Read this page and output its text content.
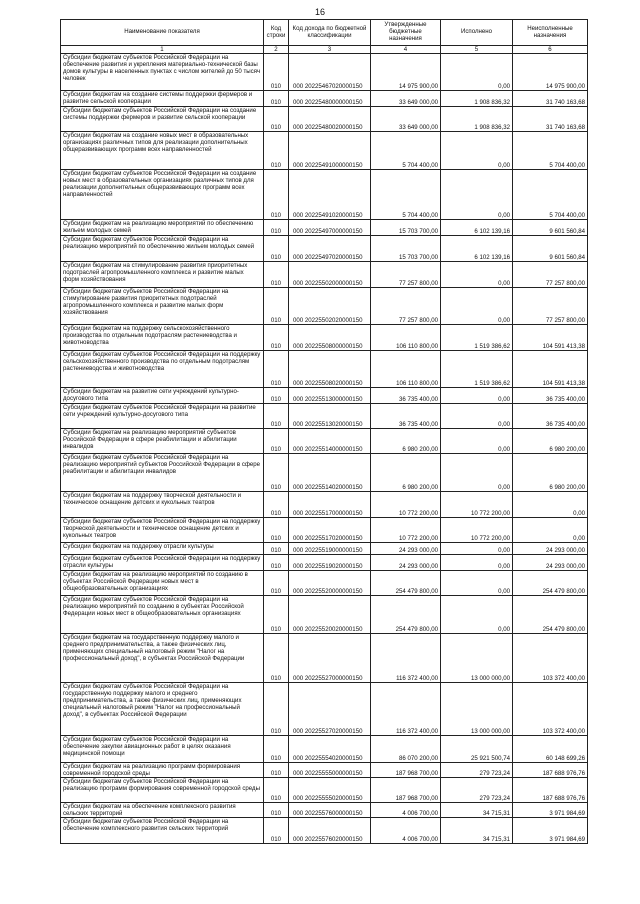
16
Наименование показателя	Код строки	Код дохода по бюджетной классификации	Утвержденные бюджетные назначения	Исполнено	Неисполненные назначения
1	2	3	4	5	6
Субсидии бюджетам субъектов Российской Федерации на обеспечение развития и укрепления материально-технической базы домов культуры в населенных пунктах с числом жителей до 50 тысяч человек	010	000 20225467020000150	14 975 900,00	0,00	14 975 900,00
Субсидии бюджетам на создание системы поддержки фермеров и развитие сельской кооперации	010	000 20225480000000150	33 649 000,00	1 908 836,32	31 740 163,68
Субсидии бюджетам субъектов Российской Федерации на создание системы поддержки фермеров и развитие сельской кооперации	010	000 20225480020000150	33 649 000,00	1 908 836,32	31 740 163,68
Субсидии бюджетам на создание новых мест в образовательных организациях различных типов для реализации дополнительных общеразвивающих программ всех направленностей	010	000 20225491000000150	5 704 400,00	0,00	5 704 400,00
Субсидии бюджетам субъектов Российской Федерации на создание новых мест в образовательных организациях различных типов для реализации дополнительных общеразвивающих программ всех направленностей	010	000 20225491020000150	5 704 400,00	0,00	5 704 400,00
Субсидии бюджетам на реализацию мероприятий по обеспечению жильем молодых семей	010	000 20225497000000150	15 703 700,00	6 102 139,16	9 601 560,84
Субсидии бюджетам субъектов Российской Федерации на реализацию мероприятий по обеспечению жильем молодых семей	010	000 20225497020000150	15 703 700,00	6 102 139,16	9 601 560,84
Субсидии бюджетам на стимулирование развития приоритетных подотраслей агропромышленного комплекса и развитие малых форм хозяйствования	010	000 20225502000000150	77 257 800,00	0,00	77 257 800,00
Субсидии бюджетам субъектов Российской Федерации на стимулирование развития приоритетных подотраслей агропромышленного комплекса и развитие малых форм хозяйствования	010	000 20225502020000150	77 257 800,00	0,00	77 257 800,00
Субсидии бюджетам на поддержку сельскохозяйственного производства по отдельным подотраслям растениеводства и животноводства	010	000 20225508000000150	106 110 800,00	1 519 386,62	104 591 413,38
Субсидии бюджетам субъектов Российской Федерации на поддержку сельскохозяйственного производства по отдельным подотраслям растениеводства и животноводства	010	000 20225508020000150	106 110 800,00	1 519 386,62	104 591 413,38
Субсидии бюджетам на развитие сети учреждений культурно-досугового типа	010	000 20225513000000150	36 735 400,00	0,00	36 735 400,00
Субсидии бюджетам субъектов Российской Федерации на развитие сети учреждений культурно-досугового типа	010	000 20225513020000150	36 735 400,00	0,00	36 735 400,00
Субсидии бюджетам на реализацию мероприятий субъектов Российской Федерации в сфере реабилитации и абилитации инвалидов	010	000 20225514000000150	6 980 200,00	0,00	6 980 200,00
Субсидии бюджетам субъектов Российской Федерации на реализацию мероприятий субъектов Российской Федерации в сфере реабилитации и абилитации инвалидов	010	000 20225514020000150	6 980 200,00	0,00	6 980 200,00
Субсидии бюджетам на поддержку творческой деятельности и техническое оснащение детских и кукольных театров	010	000 20225517000000150	10 772 200,00	10 772 200,00	0,00
Субсидии бюджетам субъектов Российской Федерации на поддержку творческой деятельности и техническое оснащение детских и кукольных театров	010	000 20225517020000150	10 772 200,00	10 772 200,00	0,00
Субсидии бюджетам на поддержку отрасли культуры	010	000 20225519000000150	24 293 000,00	0,00	24 293 000,00
Субсидии бюджетам субъектов Российской Федерации на поддержку отрасли культуры	010	000 20225519020000150	24 293 000,00	0,00	24 293 000,00
Субсидии бюджетам на реализацию мероприятий по созданию в субъектах Российской Федерации новых мест в общеобразовательных организациях	010	000 20225520000000150	254 479 800,00	0,00	254 479 800,00
Субсидии бюджетам субъектов Российской Федерации на реализацию мероприятий по созданию в субъектах Российской Федерации новых мест в общеобразовательных организациях	010	000 20225520020000150	254 479 800,00	0,00	254 479 800,00
Субсидии бюджетам на государственную поддержку малого и среднего предпринимательства, а также физических лиц, применяющих специальный налоговый режим "Налог на профессиональный доход", в субъектах Российской Федерации	010	000 20225527000000150	116 372 400,00	13 000 000,00	103 372 400,00
Субсидии бюджетам субъектов Российской Федерации на государственную поддержку малого и среднего предпринимательства, а также физических лиц, применяющих специальный налоговый режим "Налог на профессиональный доход", в субъектах Российской Федерации	010	000 20225527020000150	116 372 400,00	13 000 000,00	103 372 400,00
Субсидии бюджетам субъектов Российской Федерации на обеспечение закупки авиационных работ в целях оказания медицинской помощи	010	000 20225554020000150	86 070 200,00	25 921 500,74	60 148 699,26
Субсидии бюджетам на реализацию программ формирования современной городской среды	010	000 20225555000000150	187 968 700,00	279 723,24	187 688 976,76
Субсидии бюджетам субъектов Российской Федерации на реализацию программ формирования современной городской среды	010	000 20225555020000150	187 968 700,00	279 723,24	187 688 976,76
Субсидии бюджетам на обеспечение комплексного развития сельских территорий	010	000 20225576000000150	4 006 700,00	34 715,31	3 971 984,69
Субсидии бюджетам субъектов Российской Федерации на обеспечение комплексного развития сельских территорий	010	000 20225576020000150	4 006 700,00	34 715,31	3 971 984,69
